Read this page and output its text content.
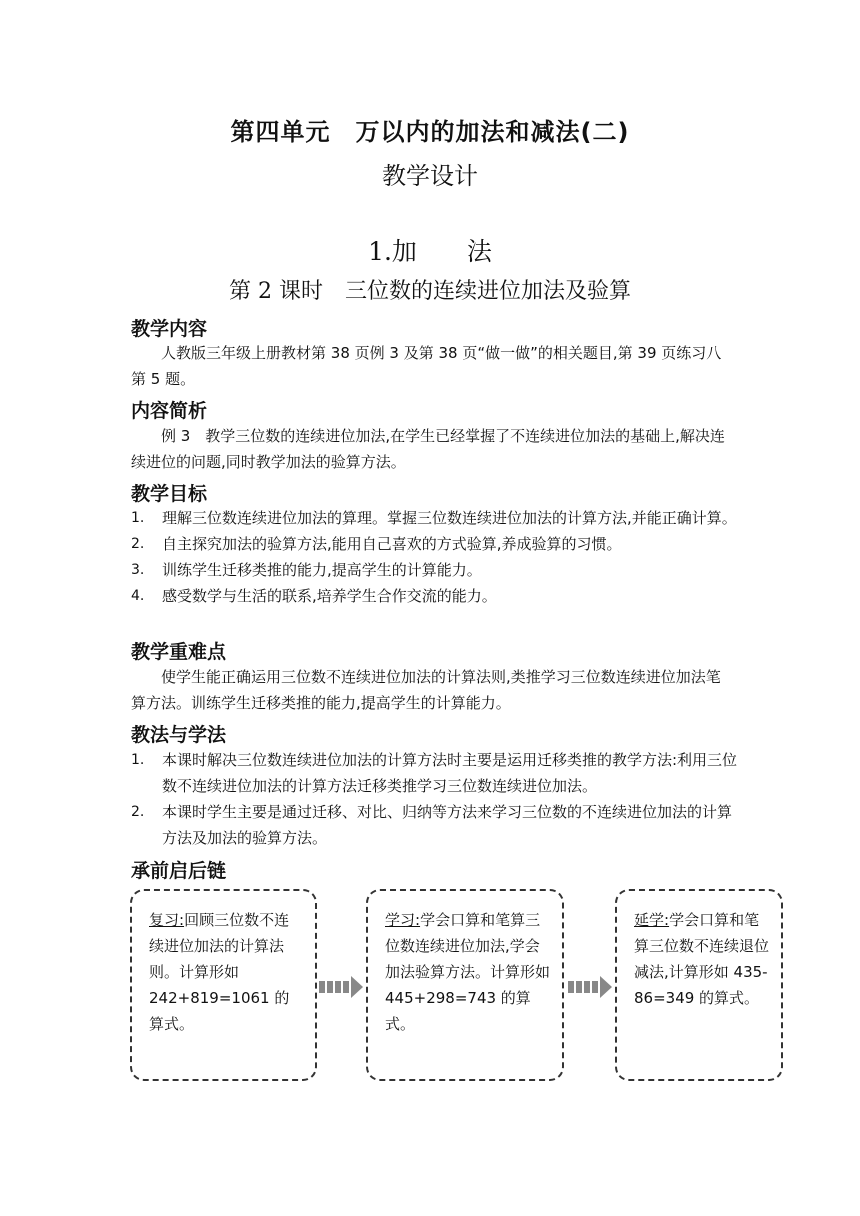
第四单元　万以内的加法和减法(二)
教学设计
1.加　　法
第 2 课时　三位数的连续进位加法及验算
教学内容

人教版三年级上册教材第 38 页例 3 及第 38 页“做一做”的相关题目,第 39 页练习八第 5 题。

内容简析

例 3　教学三位数的连续进位加法,在学生已经掌握了不连续进位加法的基础上,解决连续进位的问题,同时教学加法的验算方法。

教学目标
1. 理解三位数连续进位加法的算理。掌握三位数连续进位加法的计算方法,并能正确计算。
2. 自主探究加法的验算方法,能用自己喜欢的方式验算,养成验算的习惯。
3. 训练学生迁移类推的能力,提高学生的计算能力。
4. 感受数学与生活的联系,培养学生合作交流的能力。
教学重难点

使学生能正确运用三位数不连续进位加法的计算法则,类推学习三位数连续进位加法笔算方法。训练学生迁移类推的能力,提高学生的计算能力。

教法与学法
1. 本课时解决三位数连续进位加法的计算方法时主要是运用迁移类推的教学方法:利用三位数不连续进位加法的计算方法迁移类推学习三位数连续进位加法。
2. 本课时学生主要是通过迁移、对比、归纳等方法来学习三位数的不连续进位加法的计算方法及加法的验算方法。
承前启后链
复习:回顾三位数不连续进位加法的计算法则。计算形如 242+819=1061 的算式。
学习:学会口算和笔算三位数连续进位加法,学会加法验算方法。计算形如 445+298=743 的算式。
延学:学会口算和笔算三位数不连续退位减法,计算形如 435-86=349 的算式。
